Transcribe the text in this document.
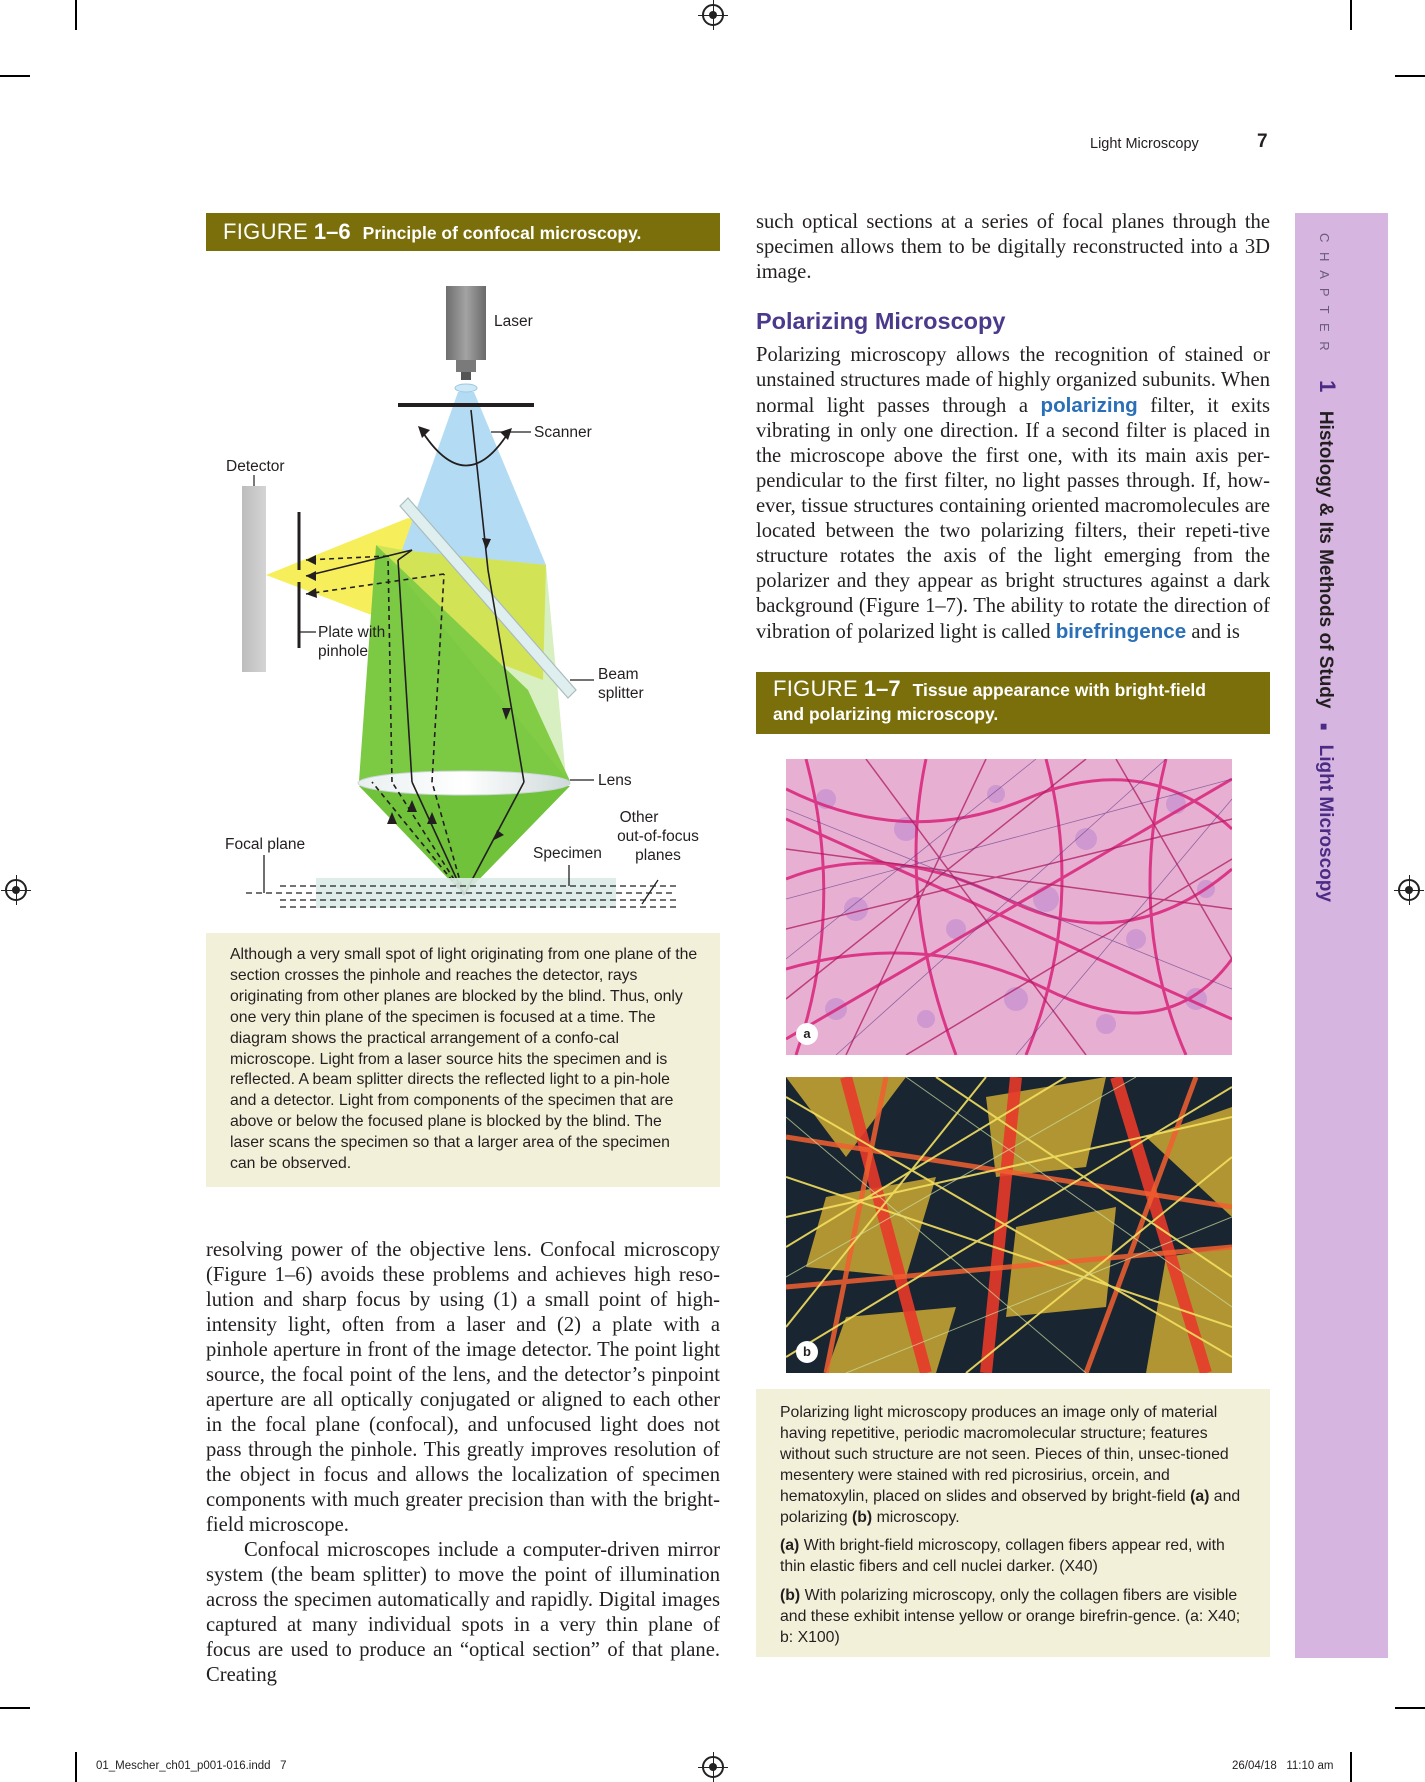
Light Microscopy	7
FIGURE 1–6 Principle of confocal microscopy.
Laser
Scanner
Detector
Plate with
pinhole
Beam
splitter
Lens
Other
out-of-focus
planes
Focal plane
Specimen

Although a very small spot of light originating from one plane of the section crosses the pinhole and reaches the detector, rays originating from other planes are blocked by the blind. Thus, only one very thin plane of the specimen is focused at a time. The diagram shows the practical arrangement of a confo-cal microscope. Light from a laser source hits the specimen and is reflected. A beam splitter directs the reflected light to a pin-hole and a detector. Light from components of the specimen that are above or below the focused plane is blocked by the blind. The laser scans the specimen so that a larger area of the specimen can be observed.

resolving power of the objective lens. Confocal microscopy (Figure 1–6) avoids these problems and achieves high reso-lution and sharp focus by using (1) a small point of high-intensity light, often from a laser and (2) a plate with a pinhole aperture in front of the image detector. The point light source, the focal point of the lens, and the detector’s pinpoint aperture are all optically conjugated or aligned to each other in the focal plane (confocal), and unfocused light does not pass through the pinhole. This greatly improves resolution of the object in focus and allows the localization of specimen components with much greater precision than with the bright-field microscope.

Confocal microscopes include a computer-driven mirror system (the beam splitter) to move the point of illumination across the specimen automatically and rapidly. Digital images captured at many individual spots in a very thin plane of focus are used to produce an “optical section” of that plane. Creating

such optical sections at a series of focal planes through the specimen allows them to be digitally reconstructed into a 3D image.

Polarizing Microscopy

Polarizing microscopy allows the recognition of stained or unstained structures made of highly organized subunits. When normal light passes through a polarizing filter, it exits vibrating in only one direction. If a second filter is placed in the microscope above the first one, with its main axis per-pendicular to the first filter, no light passes through. If, how-ever, tissue structures containing oriented macromolecules are located between the two polarizing filters, their repeti-tive structure rotates the axis of the light emerging from the polarizer and they appear as bright structures against a dark background (Figure 1–7). The ability to rotate the direction of vibration of polarized light is called birefringence and is

FIGURE 1–7 Tissue appearance with bright-field
and polarizing microscopy.
a
b

Polarizing light microscopy produces an image only of material having repetitive, periodic macromolecular structure; features without such structure are not seen. Pieces of thin, unsec-tioned mesentery were stained with red picrosirius, orcein, and hematoxylin, placed on slides and observed by bright-field (a) and polarizing (b) microscopy.

(a) With bright-field microscopy, collagen fibers appear red, with thin elastic fibers and cell nuclei darker. (X40)

(b) With polarizing microscopy, only the collagen fibers are visible and these exhibit intense yellow or orange birefrin-gence. (a: X40; b: X100)

C H A P T E R 1 Histology & Its Methods of Study ■ Light Microscopy
01_Mescher_ch01_p001-016.indd   7	26/04/18   11:10 am
